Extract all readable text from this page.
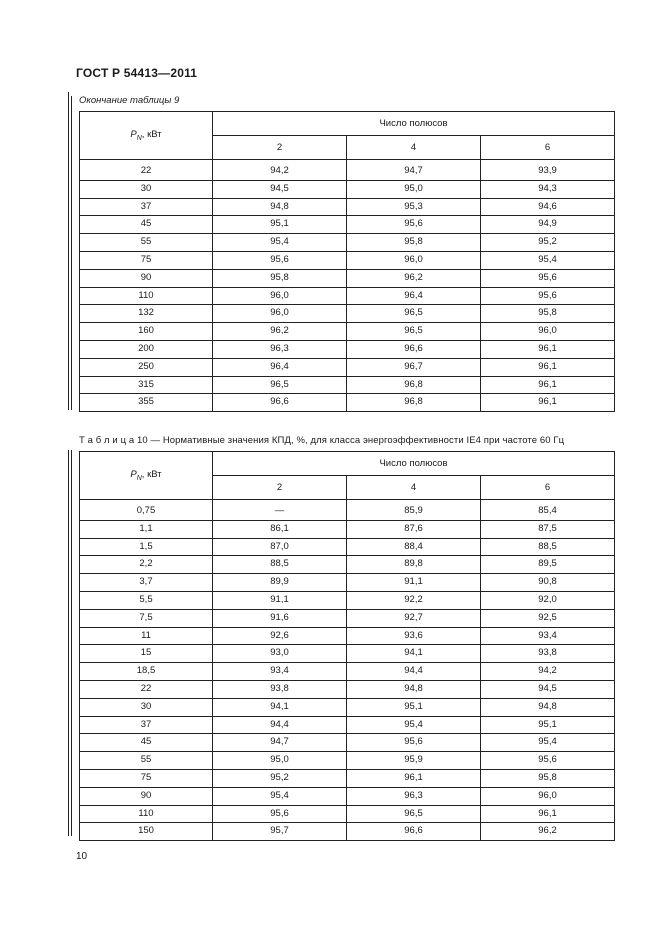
ГОСТ Р 54413—2011
Окончание таблицы 9
$P_N$, кВт	Число полюсов		
	2	4	6
22	94,2	94,7	93,9
30	94,5	95,0	94,3
37	94,8	95,3	94,6
45	95,1	95,6	94,9
55	95,4	95,8	95,2
75	95,6	96,0	95,4
90	95,8	96,2	95,6
110	96,0	96,4	95,6
132	96,0	96,5	95,8
160	96,2	96,5	96,0
200	96,3	96,6	96,1
250	96,4	96,7	96,1
315	96,5	96,8	96,1
355	96,6	96,8	96,1
Т а б л и ц а 10 — Нормативные значения КПД, %, для класса энергоэффективности IE4 при частоте 60 Гц
$P_N$, кВт	Число полюсов		
	2	4	6
0,75	—	85,9	85,4
1,1	86,1	87,6	87,5
1,5	87,0	88,4	88,5
2,2	88,5	89,8	89,5
3,7	89,9	91,1	90,8
5,5	91,1	92,2	92,0
7,5	91,6	92,7	92,5
11	92,6	93,6	93,4
15	93,0	94,1	93,8
18,5	93,4	94,4	94,2
22	93,8	94,8	94,5
30	94,1	95,1	94,8
37	94,4	95,4	95,1
45	94,7	95,6	95,4
55	95,0	95,9	95,6
75	95,2	96,1	95,8
90	95,4	96,3	96,0
110	95,6	96,5	96,1
150	95,7	96,6	96,2
10
